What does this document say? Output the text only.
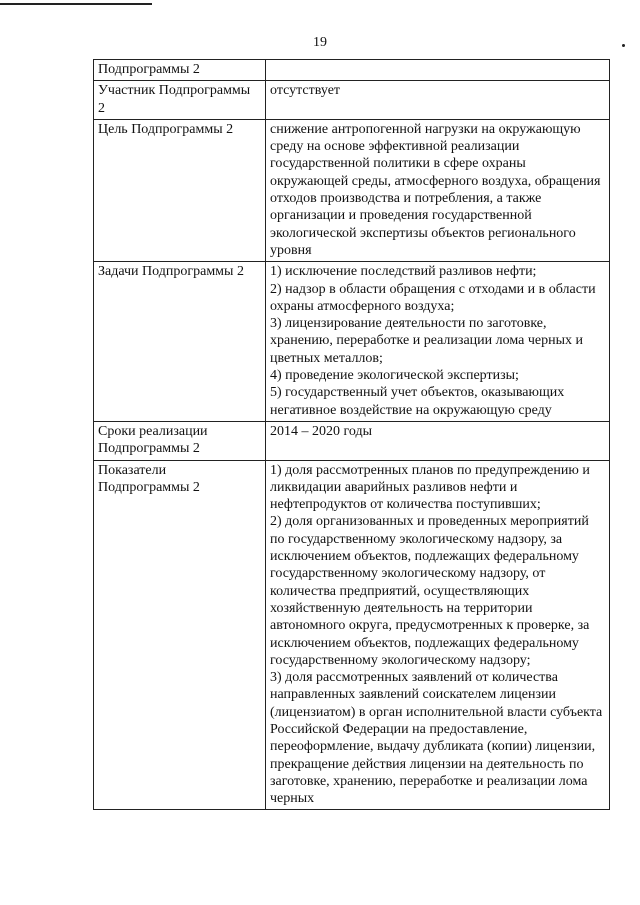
19
Подпрограммы 2	
Участник Подпрограммы 2	отсутствует

Цель Подпрограммы 2	снижение антропогенной нагрузки на окружающую среду на основе эффективной реализации государственной политики в сфере охраны окружающей среды, атмосферного воздуха, обращения отходов производства и потребления, а также организации и проведения государственной экологической экспертизы объектов регионального уровня

Задачи Подпрограммы 2	1) исключение последствий разливов нефти;
2) надзор в области обращения с отходами и в области охраны атмосферного воздуха;
3) лицензирование деятельности по заготовке, хранению, переработке и реализации лома черных и цветных металлов;
4) проведение экологической экспертизы;
5) государственный учет объектов, оказывающих негативное воздействие на окружающую среду

Сроки реализации Подпрограммы 2	2014 – 2020 годы

Показатели Подпрограммы 2	1) доля рассмотренных планов по предупреждению и ликвидации аварийных разливов нефти и нефтепродуктов от количества поступивших;
2) доля организованных и проведенных мероприятий по государственному экологическому надзору, за исключением объектов, подлежащих федеральному государственному экологическому надзору, от количества предприятий, осуществляющих хозяйственную деятельность на территории автономного округа, предусмотренных к проверке, за исключением объектов, подлежащих федеральному государственному экологическому надзору;
3) доля рассмотренных заявлений от количества направленных заявлений соискателем лицензии (лицензиатом) в орган исполнительной власти субъекта Российской Федерации на предоставление, переоформление, выдачу дубликата (копии) лицензии, прекращение действия лицензии на деятельность по заготовке, хранению, переработке и реализации лома черных
